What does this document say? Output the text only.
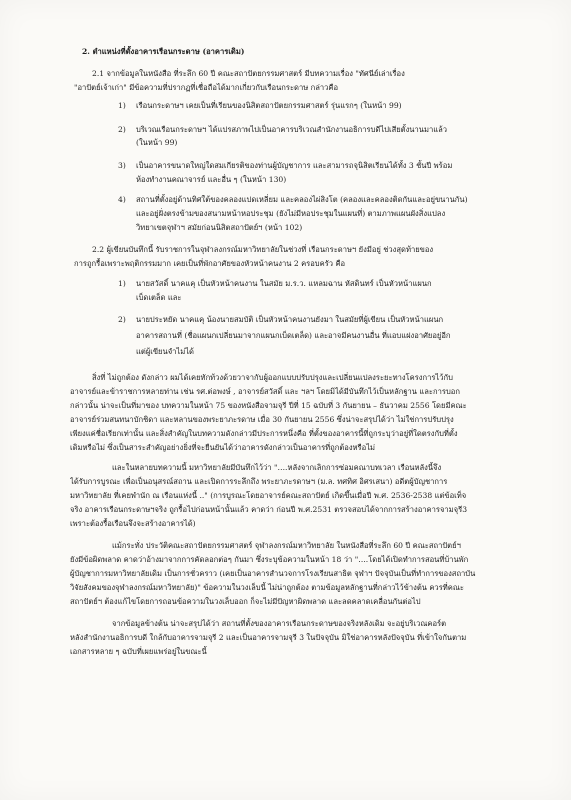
2. ตำแหน่งที่ตั้งอาคารเรือนกระดาษ (อาคารเดิม)
2.1 จากข้อมูลในหนังสือ ที่ระลึก 60 ปี คณะสถาปัตยกรรมศาสตร์ มีบทความเรื่อง "ทัศนีย์เล่าเรื่อง
"อาปัตย์เจ้าเก่า" มีข้อความที่ปรากฏที่เชื่อถือได้มากเกี่ยวกับเรือนกระดาษ กล่าวคือ
1) เรือนกระดาษฯ เคยเป็นที่เรียนของนิสิตสถาปัตยกรรมศาสตร์ รุ่นแรกๆ (ในหน้า 99)
2) บริเวณเรือนกระดาษฯ ได้แปรสภาพไปเป็นอาคารบริเวณสำนักงานอธิการบดีไปเสียตั้งนานมาแล้ว
(ในหน้า 99)
3) เป็นอาคารขนาดใหญ่ใดสมเกียรติของท่านผู้บัญชาการ และสามารถจุนิสิตเรียนได้ทั้ง 3 ชั้นปี พร้อม
ห้องทำงานคณาจารย์ และอื่น ๆ (ในหน้า 130)
4) สถานที่ตั้งอยู่ด้านทิศใต้ของคลองแปดเหลี่ยม และคลองไผ่สิงโต (คลองและคลองติดกันและอยู่ขนานกัน)
และอยู่ฝั่งตรงข้ามของสนามหน้าหอประชุม (ยังไม่มีหอประชุมในแผนที่) ตามภาพแผนผังสิ่งแปลง
วิทยาเขตจุฬาฯ สมัยก่อนนิสิตสถาปัตย์ฯ (หน้า 102)
2.2 ผู้เขียนบันทึกนี้ รับราชการในจุฬาลงกรณ์มหาวิทยาลัยในช่วงที่ เรือนกระดาษฯ ยังมีอยู่ ช่วงสุดท้ายของ
การถูกรื้อเพราะพฤติกรรมมาก เคยเป็นที่พักอาศัยของหัวหน้าคนงาน 2 ครอบครัว คือ
1) นายสวัสดิ์ นาคแคุ เป็นหัวหน้าคนงาน ในสมัย ม.ร.ว. แหลมฉาน หัสดินทร์ เป็นหัวหน้าแผนก
เบ็ดเตล็ด และ
2) นายประหยัด นาคแคุ น้องนายสมบัติ เป็นหัวหน้าคนงานยังมา ในสมัยที่ผู้เขียน เป็นหัวหน้าแผนก
อาคารสถานที่ (ชื่อแผนกเปลี่ยนมาจากแผนกเบ็ดเตล็ด) และอาจมีคนงานอื่น ที่แอบแฝงอาศัยอยู่อีก
แต่ผู้เขียนจำไม่ได้
สิ่งที่ ไม่ถูกต้อง ดังกล่าว ผมได้เคยทักท้วงด้วยวาจากับผู้ออกแบบปรับปรุงและเปลี่ยนแปลงระยะทางโครงการไว้กับ
อาจารย์และข้าราชการหลายท่าน เช่น รศ.ต่อพงษ์ , อาจารย์สวัสดิ์ และ ฯลฯ โดยมิได้มีบันทึกไว้เป็นหลักฐาน และการบอก
กล่าวนั้น น่าจะเป็นที่มาของ บทความในหน้า 75 ของหนังสือจามจุรี ปีที่ 15 ฉบับที่ 3 กันยายน – ธันวาคม 2556 โดยมีคณะ
อาจารย์ร่วมสนทนาบักชิดา และหลานของพระยาภะรดาษ เมื่อ 30 กันยายน 2556 ซึ่งน่าจะสรุปได้ว่า ไม่ใช่การปรับปรุง
เพียงแค่ชื่อเรียกเท่านั้น และสิ่งสำคัญในบทความดังกล่าวมีประการหนึ่งคือ ที่ตั้งของอาคารนี้ที่ถูกระบุว่าอยู่ที่ใดตรงกับที่ตั้ง
เดิมหรือไม่ ซึ่งเป็นสาระสำคัญอย่างยิ่งที่จะยืนยันได้ว่าอาคารดังกล่าวเป็นอาคารที่ถูกต้องหรือไม่
และในหลายบทความนี้ มหาวิทยาลัยมีบันทึกไว้ว่า "….หลังจากเลิกการซ่อมคณาบทเวลา เรือนหลังนี้จึง
ได้รับการบูรณะ เพื่อเป็นอนุสรณ์สถาน และเปิดการระลึกถึง พระยาภะรดาษฯ (ม.ล. ทศทิศ อิศรเสนา) อดีตผู้บัญชาการ
มหาวิทยาลัย ที่เคยพำนัก ณ เรือนแห่งนี้ .." (การบูรณะโดยอาจารย์คณะสถาปัตย์ เกิดขึ้นเมื่อปี พ.ศ. 2536-2538 แต่ข้อเท็จ
จริง อาคารเรือนกระดาษฯจริง ถูกรื้อไปก่อนหน้านั้นแล้ว คาดว่า ก่อนปี พ.ศ.2531 ตรวจสอบได้จากการสร้างอาคารจามจุรี3
เพราะต้องรื้อเรือนจึงจะสร้างอาคารได้)
แม้กระทั่ง ประวัติคณะสถาปัตยกรรมศาสตร์ จุฬาลงกรณ์มหาวิทยาลัย ในหนังสือที่ระลึก 60 ปี คณะสถาปัตย์ฯ
ยังมีข้อผิดพลาด คาดว่าอ้างมาจากการคัดลอกต่อๆ กันมา ซึ่งระบุข้อความในหน้า 18 ว่า "….โดยได้เปิดทำการสอนที่บ้านพัก
ผู้บัญชาการมหาวิทยาลัยเดิม เป็นการชั่วคราว (เคยเป็นอาคารสำนวจการโรงเรียนสาธิต จุฬาฯ ปัจจุบันเป็นที่ทำการของสถาบัน
วิจัยสังคมของจุฬาลงกรณ์มหาวิทยาลัย)" ข้อความในวงเล็บนี้ ไม่น่าถูกต้อง ตามข้อมูลหลักฐานที่กล่าวไว้ข้างต้น ควรที่คณะ
สถาปัตย์ฯ ต้องแก้ไขโดยการถอนข้อความในวงเล็บออก ก็จะไม่มีปัญหาผิดพลาด และลดคลาดเคลื่อนกันต่อไป
จากข้อมูลข้างต้น น่าจะสรุปได้ว่า สถานที่ตั้งของอาคารเรือนกระดาษของจริงหลังเดิม จะอยู่บริเวณคอร์ต
หลังสำนักงานอธิการบดี ใกล้กับอาคารจามจุรี 2 และเป็นอาคารจามจุรี 3 ในปัจจุบัน มิใช่อาคารหลังปัจจุบัน ที่เข้าใจกันตาม
เอกสารหลาย ๆ ฉบับที่เผยแพร่อยู่ในขณะนี้
